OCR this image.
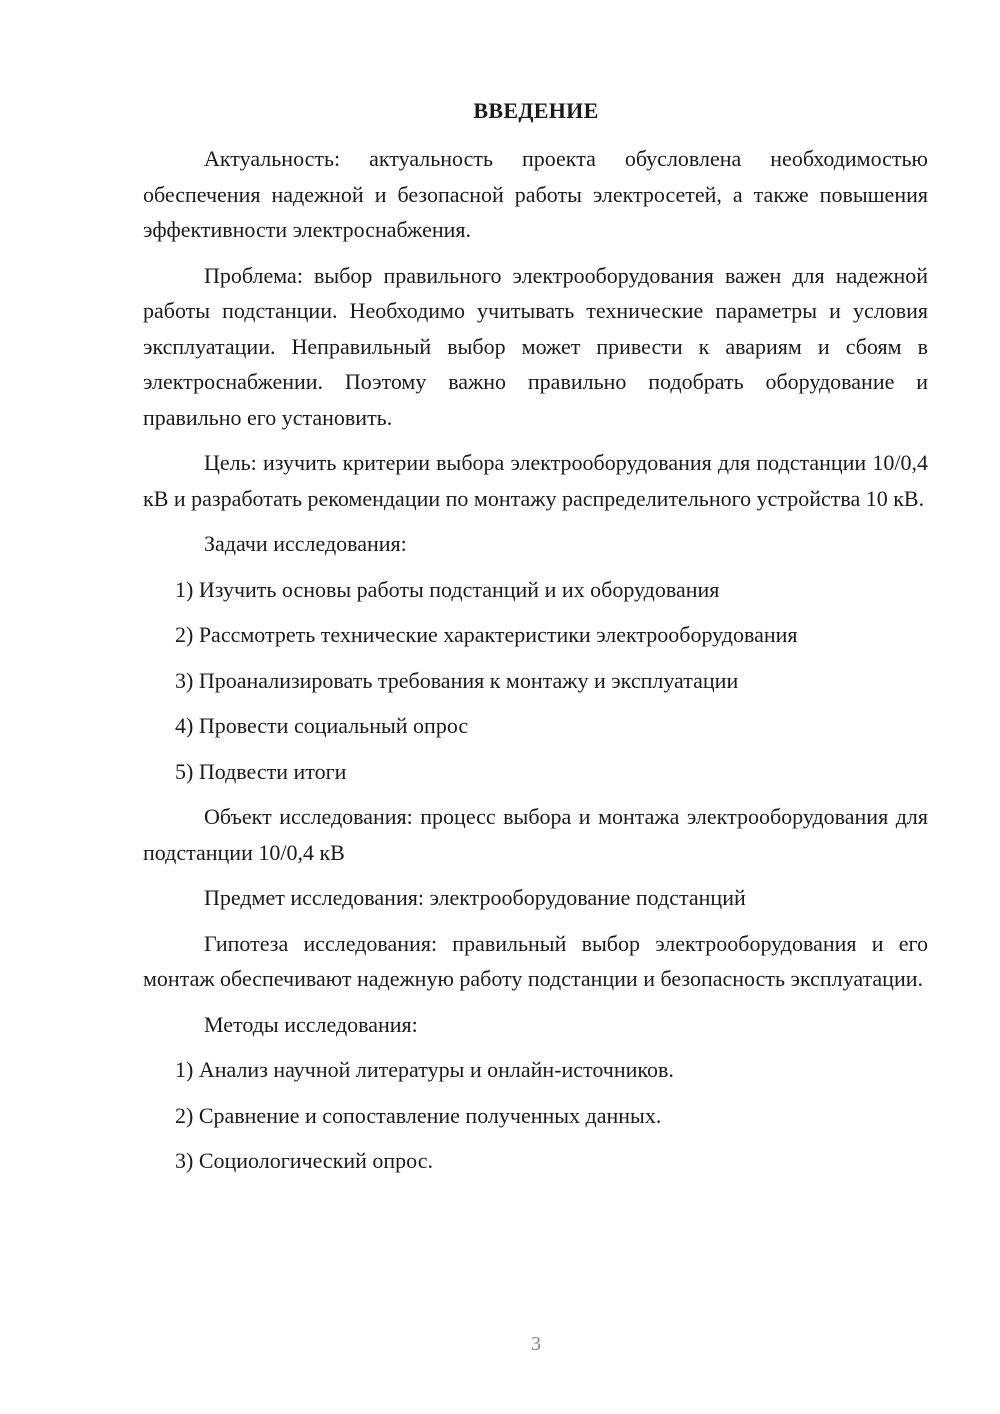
ВВЕДЕНИЕ

Актуальность: актуальность проекта обусловлена необходимостью обеспечения надежной и безопасной работы электросетей, а также повышения эффективности электроснабжения.

Проблема: выбор правильного электрооборудования важен для надежной работы подстанции. Необходимо учитывать технические параметры и условия эксплуатации. Неправильный выбор может привести к авариям и сбоям в электроснабжении. Поэтому важно правильно подобрать оборудование и правильно его установить.

Цель: изучить критерии выбора электрооборудования для подстанции 10/0,4 кВ и разработать рекомендации по монтажу распределительного устройства 10 кВ.

Задачи исследования:

1) Изучить основы работы подстанций и их оборудования
2) Рассмотреть технические характеристики электрооборудования
3) Проанализировать требования к монтажу и эксплуатации
4) Провести социальный опрос
5) Подвести итоги

Объект исследования: процесс выбора и монтажа электрооборудования для подстанции 10/0,4 кВ

Предмет исследования: электрооборудование подстанций

Гипотеза исследования: правильный выбор электрооборудования и его монтаж обеспечивают надежную работу подстанции и безопасность эксплуатации.

Методы исследования:

1) Анализ научной литературы и онлайн-источников.
2) Сравнение и сопоставление полученных данных.
3) Социологический опрос.
3
